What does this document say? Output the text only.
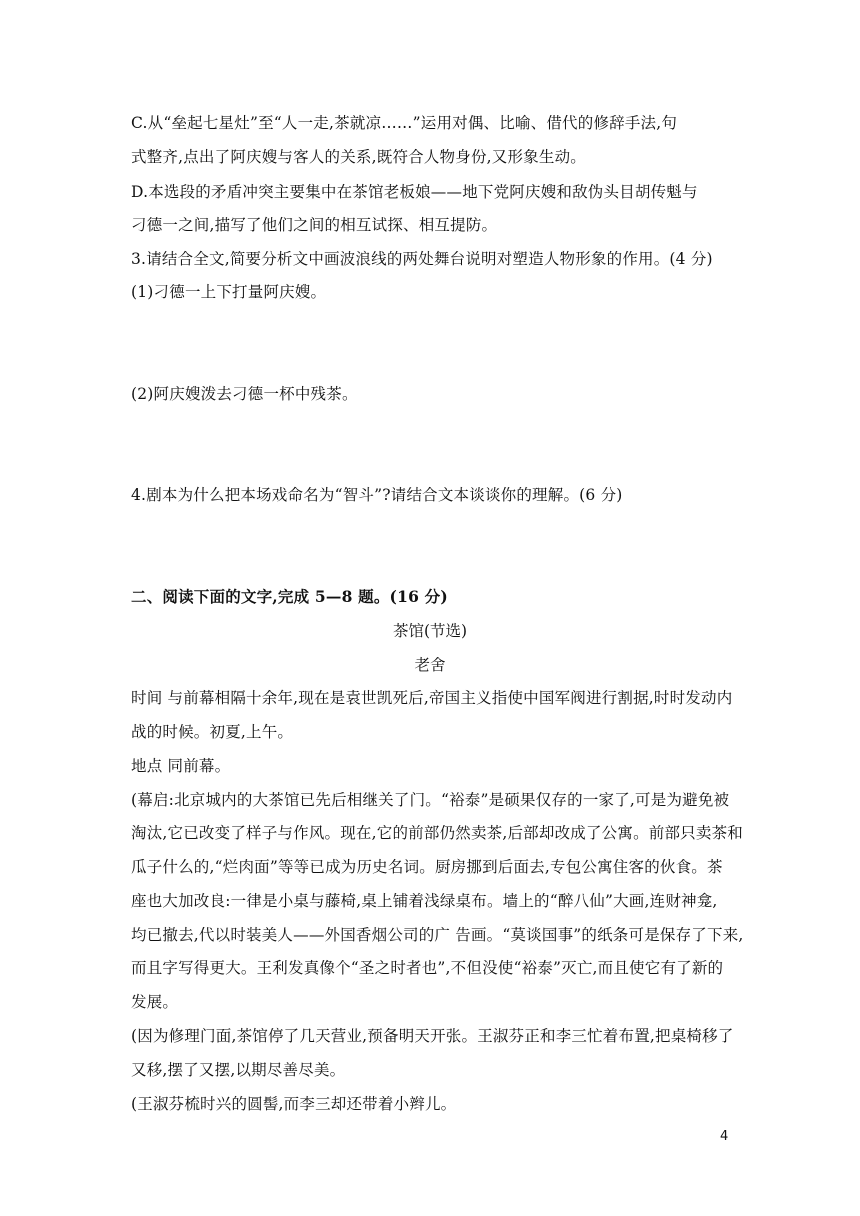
C.从“垒起七星灶”至“人一走,茶就凉……”运用对偶、比喻、借代的修辞手法,句
式整齐,点出了阿庆嫂与客人的关系,既符合人物身份,又形象生动。
D.本选段的矛盾冲突主要集中在茶馆老板娘——地下党阿庆嫂和敌伪头目胡传魁与
刁德一之间,描写了他们之间的相互试探、相互提防。
3.请结合全文,简要分析文中画波浪线的两处舞台说明对塑造人物形象的作用。(4 分)
(1)刁德一上下打量阿庆嫂。
(2)阿庆嫂泼去刁德一杯中残茶。
4.剧本为什么把本场戏命名为“智斗”?请结合文本谈谈你的理解。(6 分)
二、阅读下面的文字,完成 5—8 题。(16 分)
茶馆(节选)
老舍
时间 与前幕相隔十余年,现在是袁世凯死后,帝国主义指使中国军阀进行割据,时时发动内
战的时候。初夏,上午。
地点 同前幕。
(幕启:北京城内的大茶馆已先后相继关了门。“裕泰”是硕果仅存的一家了,可是为避免被
淘汰,它已改变了样子与作风。现在,它的前部仍然卖茶,后部却改成了公寓。前部只卖茶和
瓜子什么的,“烂肉面”等等已成为历史名词。厨房挪到后面去,专包公寓住客的伙食。茶
座也大加改良:一律是小桌与藤椅,桌上铺着浅绿桌布。墙上的“醉八仙”大画,连财神龛,
均已撤去,代以时装美人——外国香烟公司的广 告画。“莫谈国事”的纸条可是保存了下来,
而且字写得更大。王利发真像个“圣之时者也”,不但没使“裕泰”灭亡,而且使它有了新的
发展。
(因为修理门面,茶馆停了几天营业,预备明天开张。王淑芬正和李三忙着布置,把桌椅移了
又移,摆了又摆,以期尽善尽美。
(王淑芬梳时兴的圆髻,而李三却还带着小辫儿。
4
